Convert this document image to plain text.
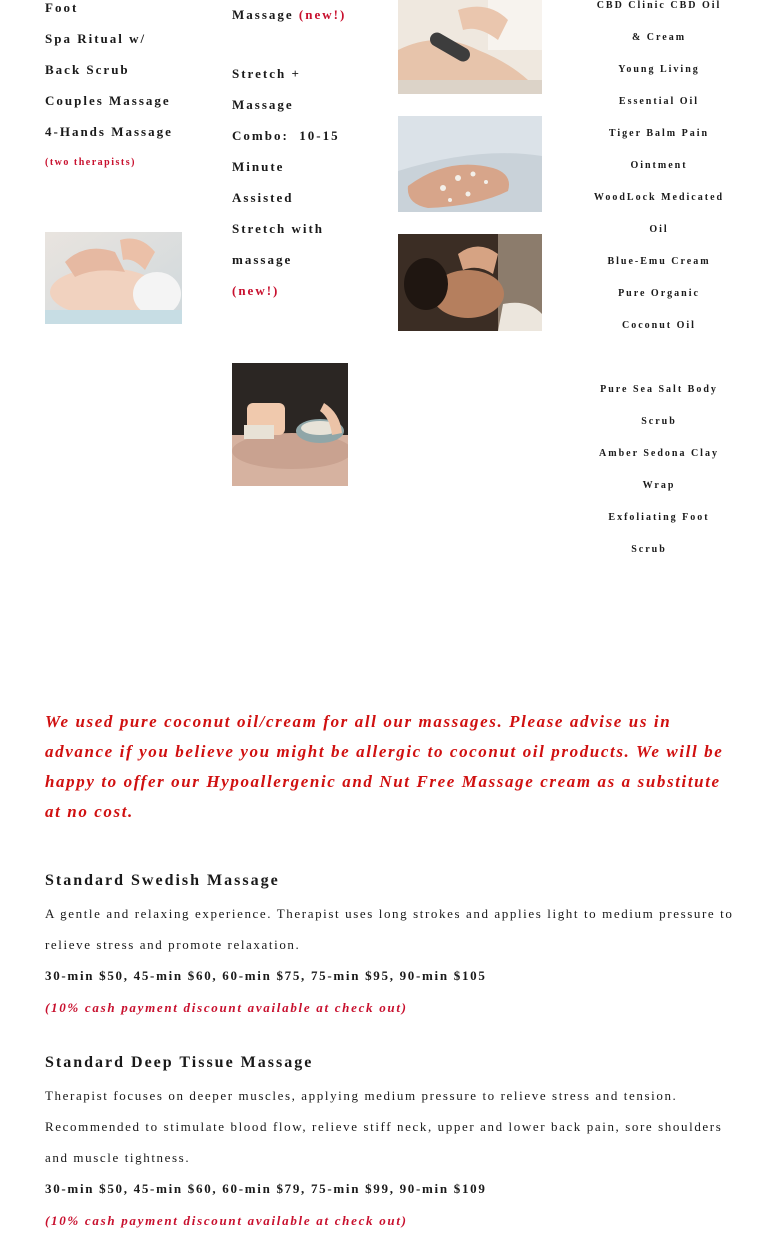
Foot
Spa Ritual w/
Back Scrub
Couples Massage
4-Hands Massage
(two therapists)
Massage (new!)
Stretch +
Massage
Combo:  10-15
Minute
Assisted
Stretch with
massage
(new!)
CBD Clinic CBD Oil
& Cream
Young Living
Essential Oil
Tiger Balm Pain
Ointment
WoodLock Medicated
Oil
Blue-Emu Cream
Pure Organic
Coconut Oil
Pure Sea Salt Body
Scrub
Amber Sedona Clay
Wrap
Exfoliating Foot
Scrub
We used pure coconut oil/cream for all our massages. Please advise us in advance if you believe you might be allergic to coconut oil products. We will be happy to offer our Hypoallergenic and Nut Free Massage cream as a substitute at no cost.
Standard Swedish Massage
A gentle and relaxing experience. Therapist uses long strokes and applies light to medium pressure to relieve stress and promote relaxation.
30-min $50, 45-min $60, 60-min $75, 75-min $95, 90-min $105
(10% cash payment discount available at check out)
Standard Deep Tissue Massage
Therapist focuses on deeper muscles, applying medium pressure to relieve stress and tension. Recommended to stimulate blood flow, relieve stiff neck, upper and lower back pain, sore shoulders and muscle tightness.
30-min $50, 45-min $60, 60-min $79, 75-min $99, 90-min $109
(10% cash payment discount available at check out)
